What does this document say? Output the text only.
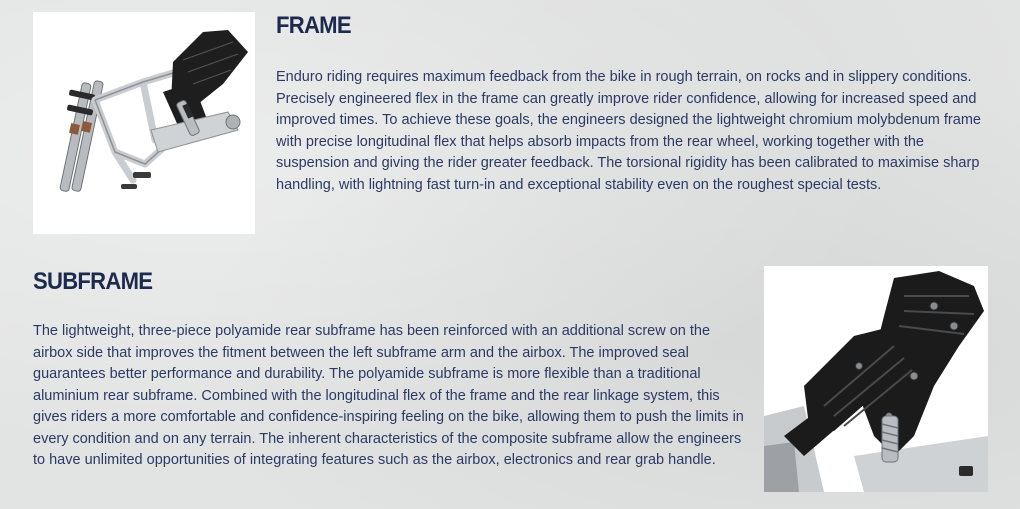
FRAME

Enduro riding requires maximum feedback from the bike in rough terrain, on rocks and in slippery conditions. Precisely engineered flex in the frame can greatly improve rider confidence, allowing for increased speed and improved times. To achieve these goals, the engineers designed the lightweight chromium molybdenum frame with precise longitudinal flex that helps absorb impacts from the rear wheel, working together with the suspension and giving the rider greater feedback. The torsional rigidity has been calibrated to maximise sharp handling, with lightning fast turn-in and exceptional stability even on the roughest special tests.

SUBFRAME

The lightweight, three-piece polyamide rear subframe has been reinforced with an additional screw on the airbox side that improves the fitment between the left subframe arm and the airbox. The improved seal guarantees better performance and durability. The polyamide subframe is more flexible than a traditional aluminium rear subframe. Combined with the longitudinal flex of the frame and the rear linkage system, this gives riders a more comfortable and confidence-inspiring feeling on the bike, allowing them to push the limits in every condition and on any terrain. The inherent characteristics of the composite subframe allow the engineers to have unlimited opportunities of integrating features such as the airbox, electronics and rear grab handle.
